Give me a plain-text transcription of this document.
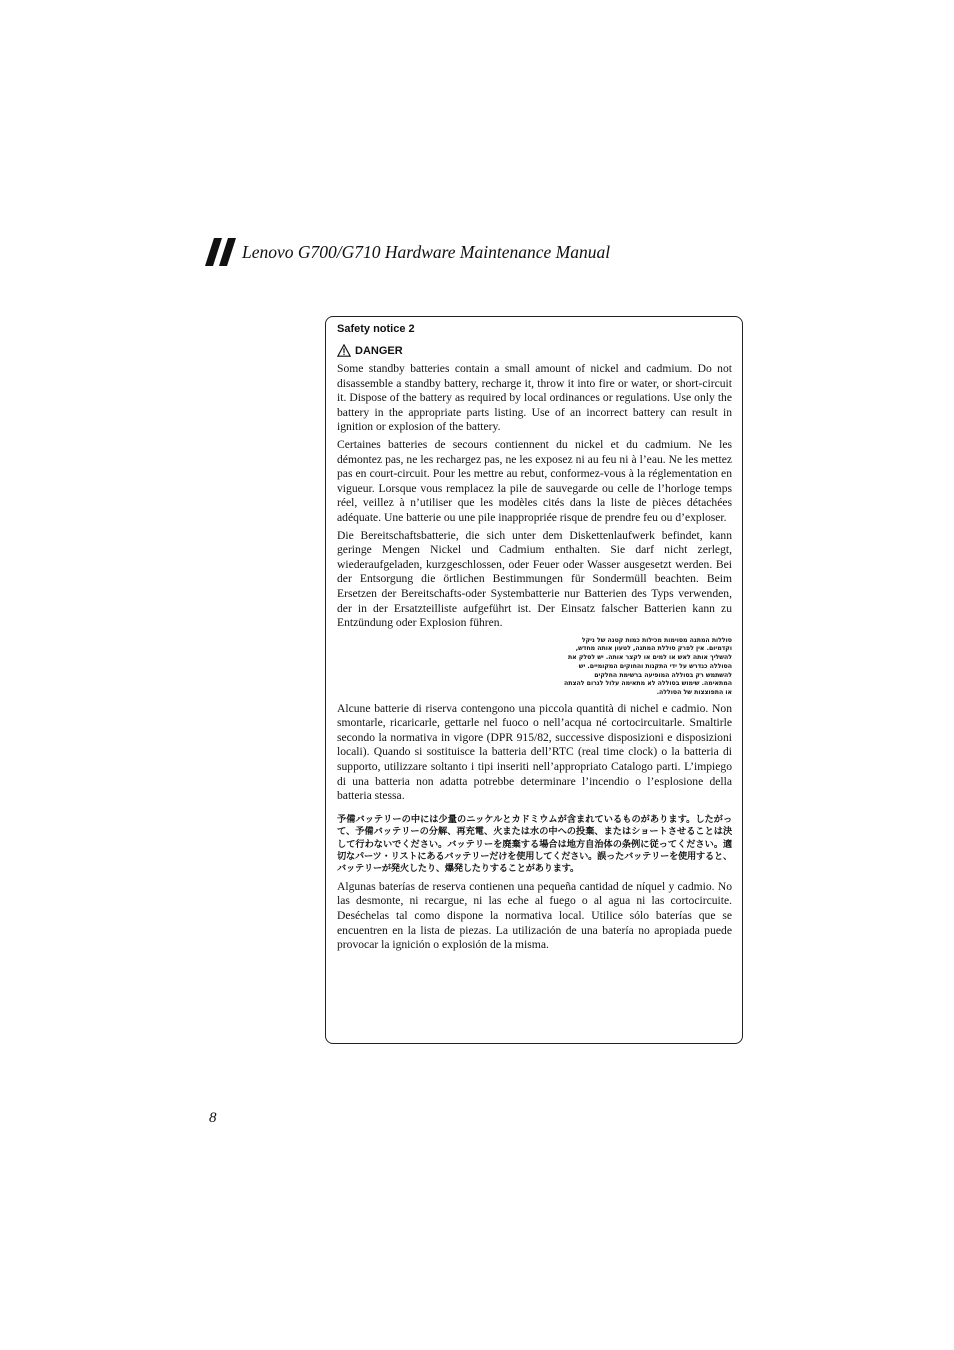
Lenovo G700/G710 Hardware Maintenance Manual
Safety notice 2
DANGER

Some standby batteries contain a small amount of nickel and cadmium. Do not disassemble a standby battery, recharge it, throw it into fire or water, or short-circuit it. Dispose of the battery as required by local ordinances or regulations. Use only the battery in the appropriate parts listing. Use of an incorrect battery can result in ignition or explosion of the battery.

Certaines batteries de secours contiennent du nickel et du cadmium. Ne les démontez pas, ne les rechargez pas, ne les exposez ni au feu ni à l’eau. Ne les mettez pas en court-circuit. Pour les mettre au rebut, conformez-vous à la réglementation en vigueur. Lorsque vous remplacez la pile de sauvegarde ou celle de l’horloge temps réel, veillez à n’utiliser que les modèles cités dans la liste de pièces détachées adéquate. Une batterie ou une pile inappropriée risque de prendre feu ou d’exploser.

Die Bereitschaftsbatterie, die sich unter dem Diskettenlaufwerk befindet, kann geringe Mengen Nickel und Cadmium enthalten. Sie darf nicht zerlegt, wiederaufgeladen, kurzgeschlossen, oder Feuer oder Wasser ausgesetzt werden. Bei der Entsorgung die örtlichen Bestimmungen für Sondermüll beachten. Beim Ersetzen der Bereitschafts-oder Systembatterie nur Batterien des Typs verwenden, der in der Ersatzteilliste aufgeführt ist. Der Einsatz falscher Batterien kann zu Entzündung oder Explosion führen.

סוללות המתנה מסוימות מכילות כמות קטנה של ניקל וקדמיום. אין לפרק סוללת המתנה, לטעון אותה מחדש, להשליך אותה לאש או למים או לקצר אותה. יש לסלק את הסוללה כנדרש על ידי התקנות והחוקים המקומיים. יש להשתמש רק בסוללה המופיעה ברשימת החלקים המתאימה. שימוש בסוללה לא מתאימה עלול לגרום להצתה או התפוצצות של הסוללה.

Alcune batterie di riserva contengono una piccola quantità di nichel e cadmio. Non smontarle, ricaricarle, gettarle nel fuoco o nell’acqua né cortocircuitarle. Smaltirle secondo la normativa in vigore (DPR 915/82, successive disposizioni e disposizioni locali). Quando si sostituisce la batteria dell’RTC (real time clock) o la batteria di supporto, utilizzare soltanto i tipi inseriti nell’appropriato Catalogo parti. L’impiego di una batteria non adatta potrebbe determinare l’incendio o l’esplosione della batteria stessa.

予備バッテリーの中には少量のニッケルとカドミウムが含まれているものがあります。したがって、予備バッテリーの分解、再充電、火または水の中への投棄、またはショートさせることは決して行わないでください。バッテリーを廃棄する場合は地方自治体の条例に従ってください。適切なパーツ・リストにあるバッテリーだけを使用してください。誤ったバッテリーを使用すると、バッテリーが発火したり、爆発したりすることがあります。

Algunas baterías de reserva contienen una pequeña cantidad de níquel y cadmio. No las desmonte, ni recargue, ni las eche al fuego o al agua ni las cortocircuite. Deséchelas tal como dispone la normativa local. Utilice sólo baterías que se encuentren en la lista de piezas. La utilización de una batería no apropiada puede provocar la ignición o explosión de la misma.

8
